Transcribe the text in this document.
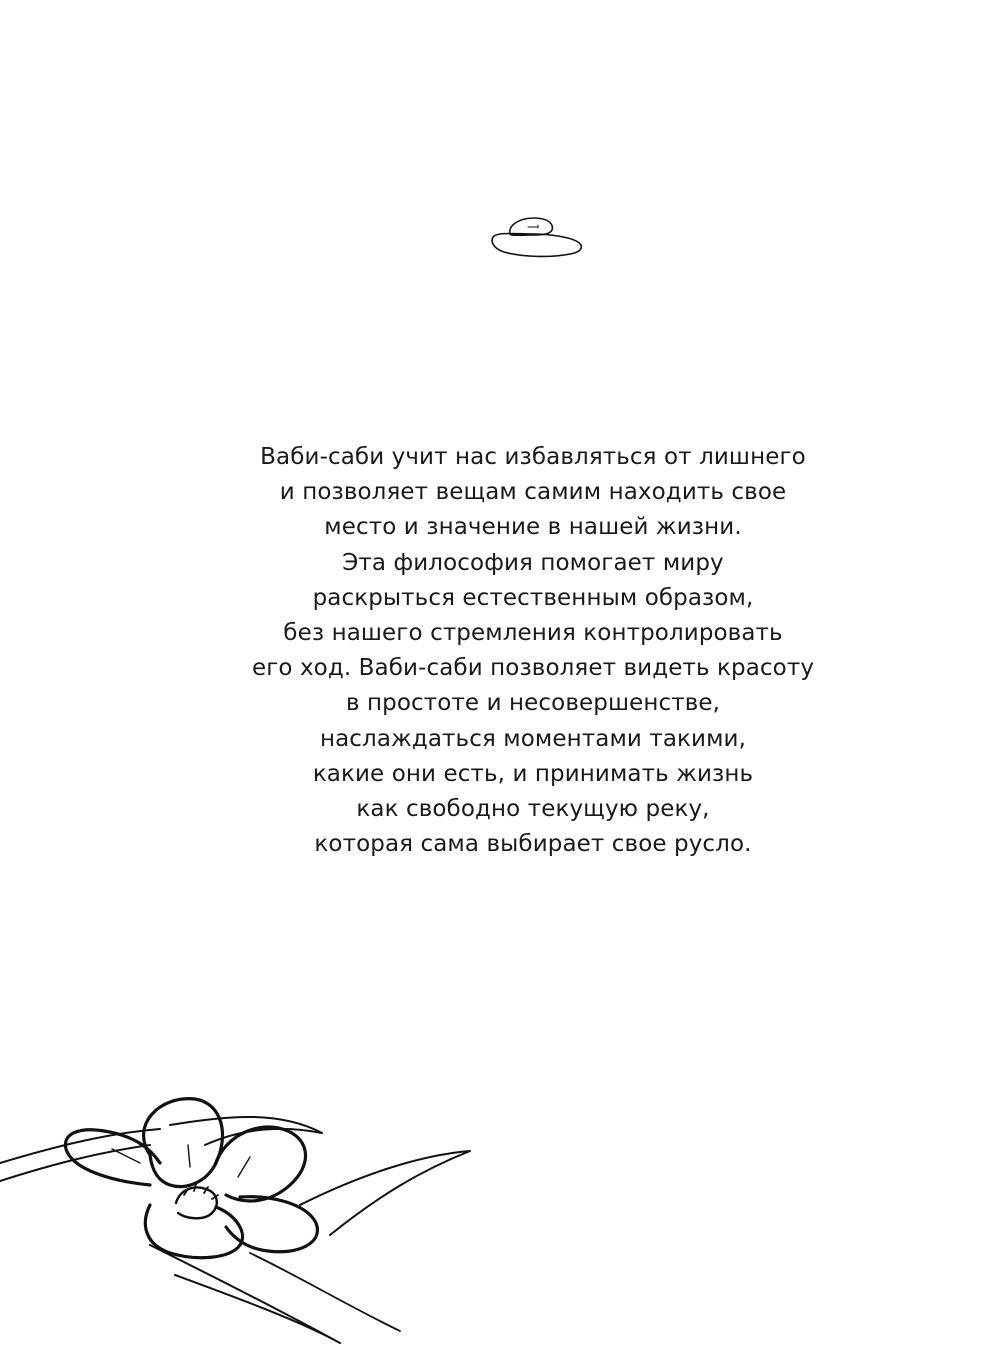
Ваби-саби учит нас избавляться от лишнего
и позволяет вещам самим находить свое
место и значение в нашей жизни.
Эта философия помогает миру
раскрыться естественным образом,
без нашего стремления контролировать
его ход. Ваби-саби позволяет видеть красоту
в простоте и несовершенстве,
наслаждаться моментами такими,
какие они есть, и принимать жизнь
как свободно текущую реку,
которая сама выбирает свое русло.
